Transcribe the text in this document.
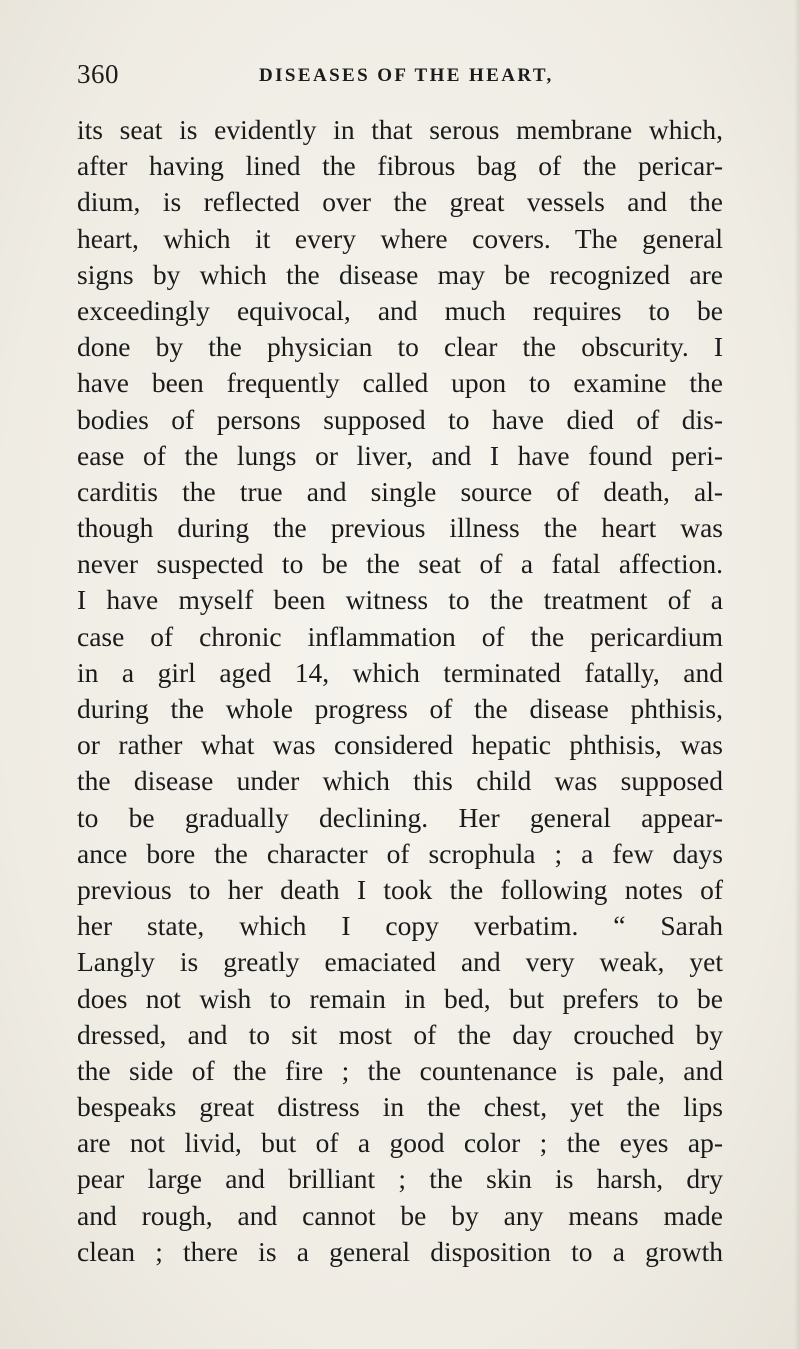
360	DISEASES OF THE HEART,
its seat is evidently in that serous membrane which,
after having lined the fibrous bag of the pericar-
dium, is reflected over the great vessels and the
heart, which it every where covers. The general
signs by which the disease may be recognized are
exceedingly equivocal, and much requires to be
done by the physician to clear the obscurity. I
have been frequently called upon to examine the
bodies of persons supposed to have died of dis-
ease of the lungs or liver, and I have found peri-
carditis the true and single source of death, al-
though during the previous illness the heart was
never suspected to be the seat of a fatal affection.
I have myself been witness to the treatment of a
case of chronic inflammation of the pericardium
in a girl aged 14, which terminated fatally, and
during the whole progress of the disease phthisis,
or rather what was considered hepatic phthisis, was
the disease under which this child was supposed
to be gradually declining. Her general appear-
ance bore the character of scrophula ; a few days
previous to her death I took the following notes of
her state, which I copy verbatim. “ Sarah
Langly is greatly emaciated and very weak, yet
does not wish to remain in bed, but prefers to be
dressed, and to sit most of the day crouched by
the side of the fire ; the countenance is pale, and
bespeaks great distress in the chest, yet the lips
are not livid, but of a good color ; the eyes ap-
pear large and brilliant ; the skin is harsh, dry
and rough, and cannot be by any means made
clean ; there is a general disposition to a growth
